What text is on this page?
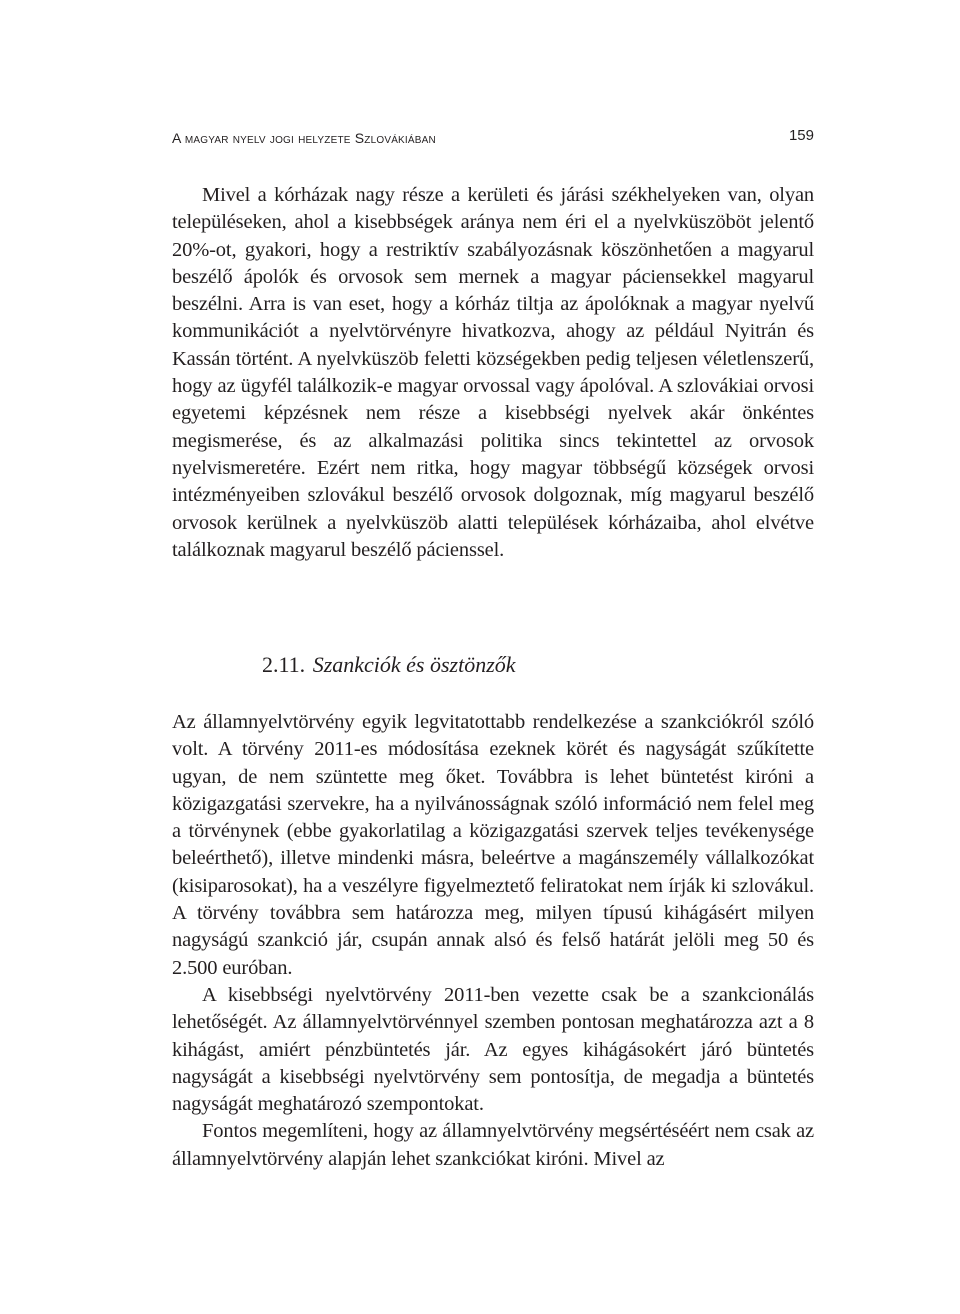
A magyar nyelv jogi helyzete Szlovákiában	159

Mivel a kórházak nagy része a kerületi és járási székhelyeken van, olyan településeken, ahol a kisebbségek aránya nem éri el a nyelvküszöböt jelentő 20%-ot, gyakori, hogy a restriktív szabályozásnak köszönhetően a magyarul beszélő ápolók és orvosok sem mernek a magyar páciensekkel magyarul beszélni. Arra is van eset, hogy a kórház tiltja az ápolóknak a magyar nyelvű kommunikációt a nyelvtörvényre hivatkozva, ahogy az például Nyitrán és Kassán történt. A nyelvküszöb feletti községekben pedig teljesen véletlenszerű, hogy az ügyfél találkozik-e magyar orvossal vagy ápolóval. A szlovákiai orvosi egyetemi képzésnek nem része a kisebbségi nyelvek akár önkéntes megismerése, és az alkalmazási politika sincs tekintettel az orvosok nyelvismeretére. Ezért nem ritka, hogy magyar többségű községek orvosi intézményeiben szlovákul beszélő orvosok dolgoznak, míg magyarul beszélő orvosok kerülnek a nyelvküszöb alatti települések kórházaiba, ahol elvétve találkoznak magyarul beszélő pácienssel.

2.11. Szankciók és ösztönzők

Az államnyelvtörvény egyik legvitatottabb rendelkezése a szankciókról szóló volt. A törvény 2011-es módosítása ezeknek körét és nagyságát szűkítette ugyan, de nem szüntette meg őket. Továbbra is lehet büntetést kiróni a közigazgatási szervekre, ha a nyilvánosságnak szóló információ nem felel meg a törvénynek (ebbe gyakorlatilag a közigazgatási szervek teljes tevékenysége beleérthető), illetve mindenki másra, beleértve a magánszemély vállalkozókat (kisiparosokat), ha a veszélyre figyelmeztető feliratokat nem írják ki szlovákul. A törvény továbbra sem határozza meg, milyen típusú kihágásért milyen nagyságú szankció jár, csupán annak alsó és felső határát jelöli meg 50 és 2.500 euróban.

A kisebbségi nyelvtörvény 2011-ben vezette csak be a szankcionálás lehetőségét. Az államnyelvtörvénnyel szemben pontosan meghatározza azt a 8 kihágást, amiért pénzbüntetés jár. Az egyes kihágásokért járó büntetés nagyságát a kisebbségi nyelvtörvény sem pontosítja, de megadja a büntetés nagyságát meghatározó szempontokat.

Fontos megemlíteni, hogy az államnyelvtörvény megsértéséért nem csak az államnyelvtörvény alapján lehet szankciókat kiróni. Mivel az
